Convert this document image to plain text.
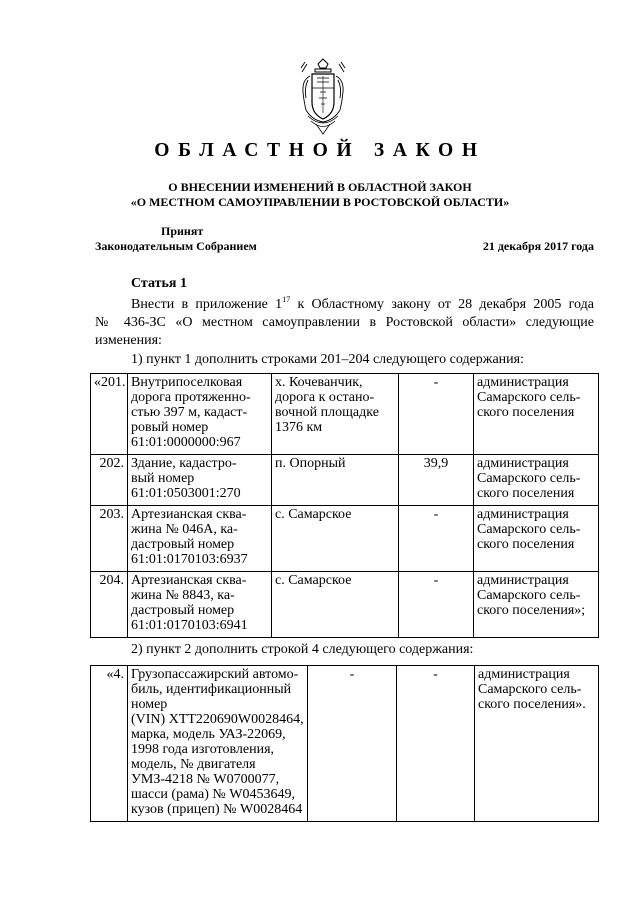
ОБЛАСТНОЙ ЗАКОН
О ВНЕСЕНИИ ИЗМЕНЕНИЙ В ОБЛАСТНОЙ ЗАКОН
«О МЕСТНОМ САМОУПРАВЛЕНИИ В РОСТОВСКОЙ ОБЛАСТИ»
Принят
Законодательным Собранием	21 декабря 2017 года
Статья 1
Внести в приложение $1^{17}$ к Областному закону от 28 декабря 2005 года
№ 436-ЗС «О местном самоуправлении в Ростовской области» следующие
изменения:
1) пункт 1 дополнить строками 201–204 следующего содержания:
«201.	Внутрипоселковая
дорога протяженно-
стью 397 м, кадаст-
ровый номер
61:01:0000000:967	х. Кочеванчик,
дорога к остано-
вочной площадке
1376 км	-	администрация
Самарского сель-
ского поселения
202.	Здание, кадастро-
вый номер
61:01:0503001:270	п. Опорный	39,9	администрация
Самарского сель-
ского поселения
203.	Артезианская сква-
жина № 046А, ка-
дастровый номер
61:01:0170103:6937	с. Самарское	-	администрация
Самарского сель-
ского поселения
204.	Артезианская сква-
жина № 8843, ка-
дастровый номер
61:01:0170103:6941	с. Самарское	-	администрация
Самарского сель-
ского поселения»;
2) пункт 2 дополнить строкой 4 следующего содержания:
«4.	Грузопассажирский автомо-
биль, идентификационный
номер
(VIN) ХТТ220690W0028464,
марка, модель УАЗ-22069,
1998 года изготовления,
модель, № двигателя
УМЗ-4218 № W0700077,
шасси (рама) № W0453649,
кузов (прицеп) № W0028464	-	-	администрация
Самарского сель-
ского поселения».
